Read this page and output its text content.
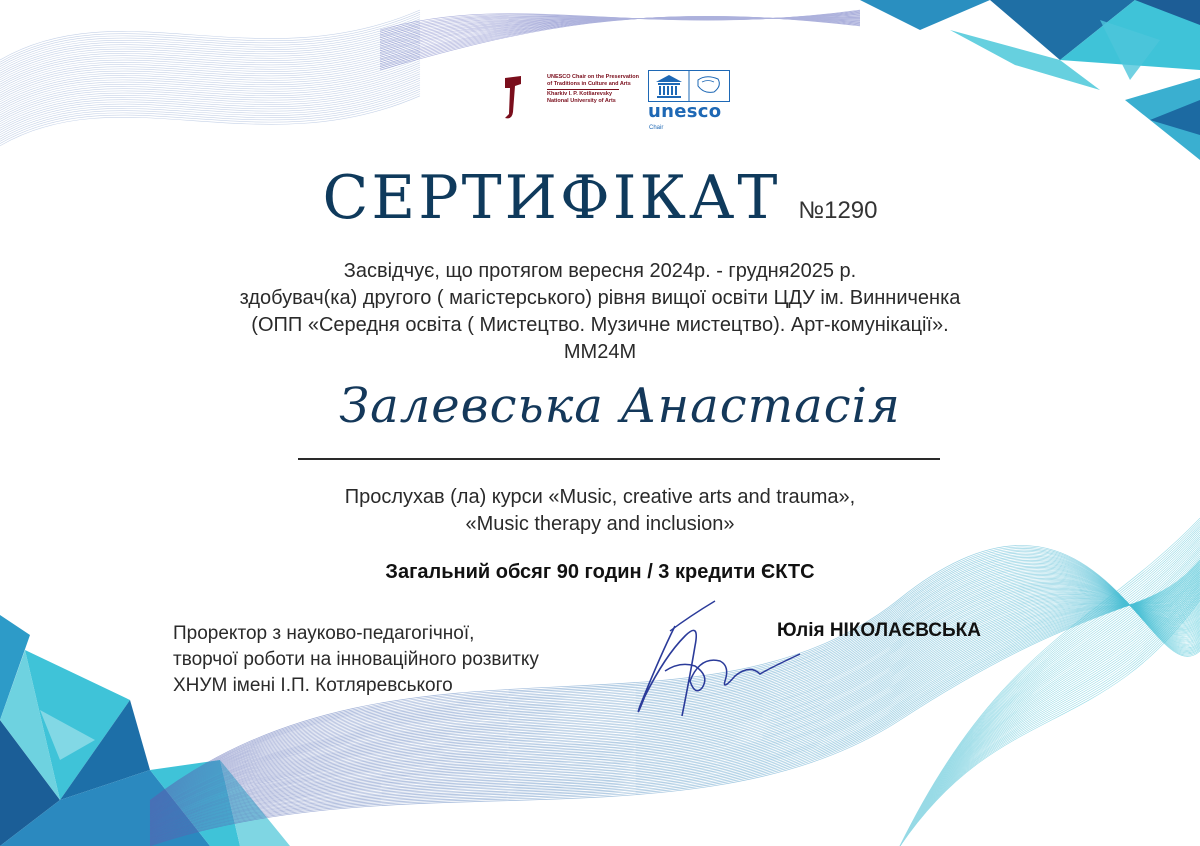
UNESCO Chair on the Preservation
of Traditions in Culture and Arts
Kharkiv I. P. Kotliarevsky
National University of Arts	unesco
Chair
СЕРТИФІКАТ №1290
Засвідчує, що протягом вересня 2024р. - грудня2025 р.
здобувач(ка) другого ( магістерського) рівня вищої освіти ЦДУ ім. Винниченка
(ОПП «Середня освіта ( Мистецтво. Музичне мистецтво). Арт-комунікації».
ММ24М
Залевська Анастасія
Прослухав (ла) курси «Music, creative arts and trauma»,
«Music therapy and inclusion»
Загальний обсяг 90 годин / 3 кредити ЄКТС
Проректор з науково-педагогічної,
творчої роботи на інноваційного розвитку
ХНУМ імені І.П. Котляревського
Юлія НІКОЛАЄВСЬКА
